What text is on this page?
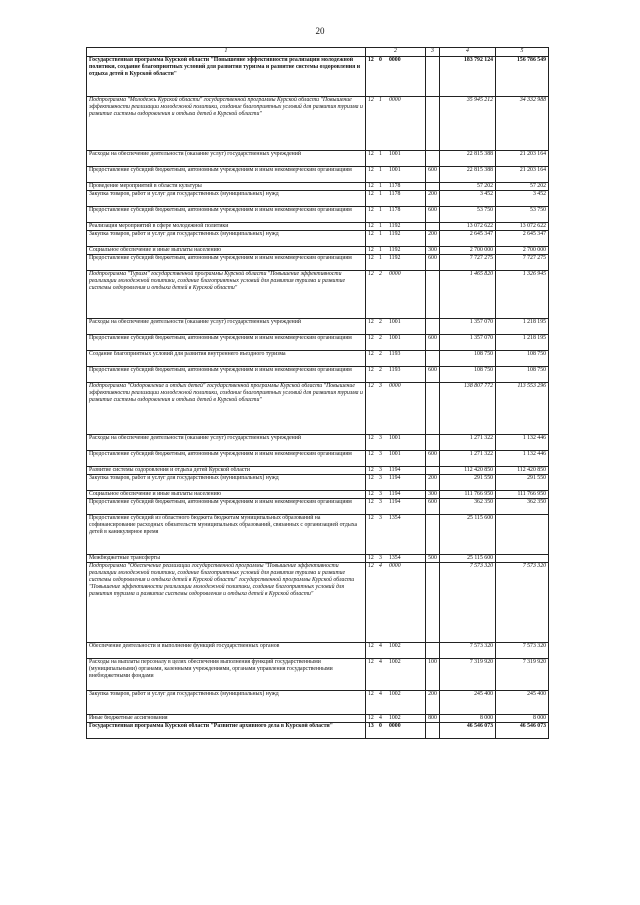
20
1	2	3	4	5
Государственная программа Курской области "Повышение эффективности реализации молодежной политики, создание благоприятных условий для развития туризма и развитие системы оздоровления и отдыха детей в Курской области"	12 0 0000		183 792 124	156 786 549
Подпрограмма "Молодежь Курской области" государственной программы Курской области "Повышение эффективности реализации молодежной политики, создание благоприятных условий для развития туризма и развитие системы оздоровления и отдыха детей в Курской области"	12 1 0000		35 945 212	34 332 988
Расходы на обеспечение деятельности (оказание услуг) государственных учреждений	12 1 1001		22 815 388	21 203 164
Предоставление субсидий бюджетным, автономным учреждениям и иным некоммерческим организациям	12 1 1001	600	22 815 388	21 203 164
Проведение мероприятий в области культуры	12 1 1178		57 202	57 202
Закупка товаров, работ и услуг для государственных (муниципальных) нужд	12 1 1178	200	3 452	3 452
Предоставление субсидий бюджетным, автономным учреждениям и иным некоммерческим организациям	12 1 1178	600	53 750	53 750
Реализация мероприятий в сфере молодежной политики	12 1 1192		13 072 622	13 072 622
Закупка товаров, работ и услуг для государственных (муниципальных) нужд	12 1 1192	200	2 645 347	2 645 347
Социальное обеспечение и иные выплаты населению	12 1 1192	300	2 700 000	2 700 000
Предоставление субсидий бюджетным, автономным учреждениям и иным некоммерческим организациям	12 1 1192	600	7 727 275	7 727 275
Подпрограмма "Туризм" государственной программы Курской области "Повышение эффективности реализации молодежной политики, создание благоприятных условий для развития туризма и развитие системы оздоровления и отдыха детей в Курской области"	12 2 0000		1 465 820	1 326 945
Расходы на обеспечение деятельности (оказание услуг) государственных учреждений	12 2 1001		1 357 070	1 218 195
Предоставление субсидий бюджетным, автономным учреждениям и иным некоммерческим организациям	12 2 1001	600	1 357 070	1 218 195
Создание благоприятных условий для развития внутреннего въездного туризма	12 2 1193		108 750	108 750
Предоставление субсидий бюджетным, автономным учреждениям и иным некоммерческим организациям	12 2 1193	600	108 750	108 750
Подпрограмма "Оздоровление и отдых детей" государственной программы Курской области "Повышение эффективности реализации молодежной политики, создание благоприятных условий для развития туризма и развитие системы оздоровления и отдыха детей в Курской области"	12 3 0000		138 807 772	113 553 296
Расходы на обеспечение деятельности (оказание услуг) государственных учреждений	12 3 1001		1 271 322	1 132 446
Предоставление субсидий бюджетным, автономным учреждениям и иным некоммерческим организациям	12 3 1001	600	1 271 322	1 132 446
Развитие системы оздоровления и отдыха детей Курской области	12 3 1194		112 420 850	112 420 850
Закупка товаров, работ и услуг для государственных (муниципальных) нужд	12 3 1194	200	291 550	291 550
Социальное обеспечение и иные выплаты населению	12 3 1194	300	111 766 950	111 766 950
Предоставление субсидий бюджетным, автономным учреждениям и иным некоммерческим организациям	12 3 1194	600	362 350	362 350
Предоставление субсидий из областного бюджета бюджетам муниципальных образований на софинансирование расходных обязательств муниципальных образований, связанных с организацией отдыха детей в каникулярное время	12 3 1354		25 115 600	
Межбюджетные трансферты	12 3 1354	500	25 115 600	
Подпрограмма "Обеспечение реализации государственной программы "Повышение эффективности реализации молодежной политики, создание благоприятных условий для развития туризма и развитие системы оздоровления и отдыха детей в Курской области" государственной программы Курской области "Повышение эффективности реализации молодежной политики, создание благоприятных условий для развития туризма и развитие системы оздоровления и отдыха детей в Курской области"	12 4 0000		7 573 320	7 573 320
Обеспечение деятельности и выполнение функций государственных органов	12 4 1002		7 573 320	7 573 320
Расходы на выплаты персоналу в целях обеспечения выполнения функций государственными (муниципальными) органами, казенными учреждениями, органами управления государственными внебюджетными фондами	12 4 1002	100	7 319 920	7 319 920
Закупка товаров, работ и услуг для государственных (муниципальных) нужд	12 4 1002	200	245 400	245 400
Иные бюджетные ассигнования	12 4 1002	800	8 000	8 000
Государственная программа Курской области "Развитие архивного дела в Курской области"	13 0 0000		46 546 073	46 546 073
